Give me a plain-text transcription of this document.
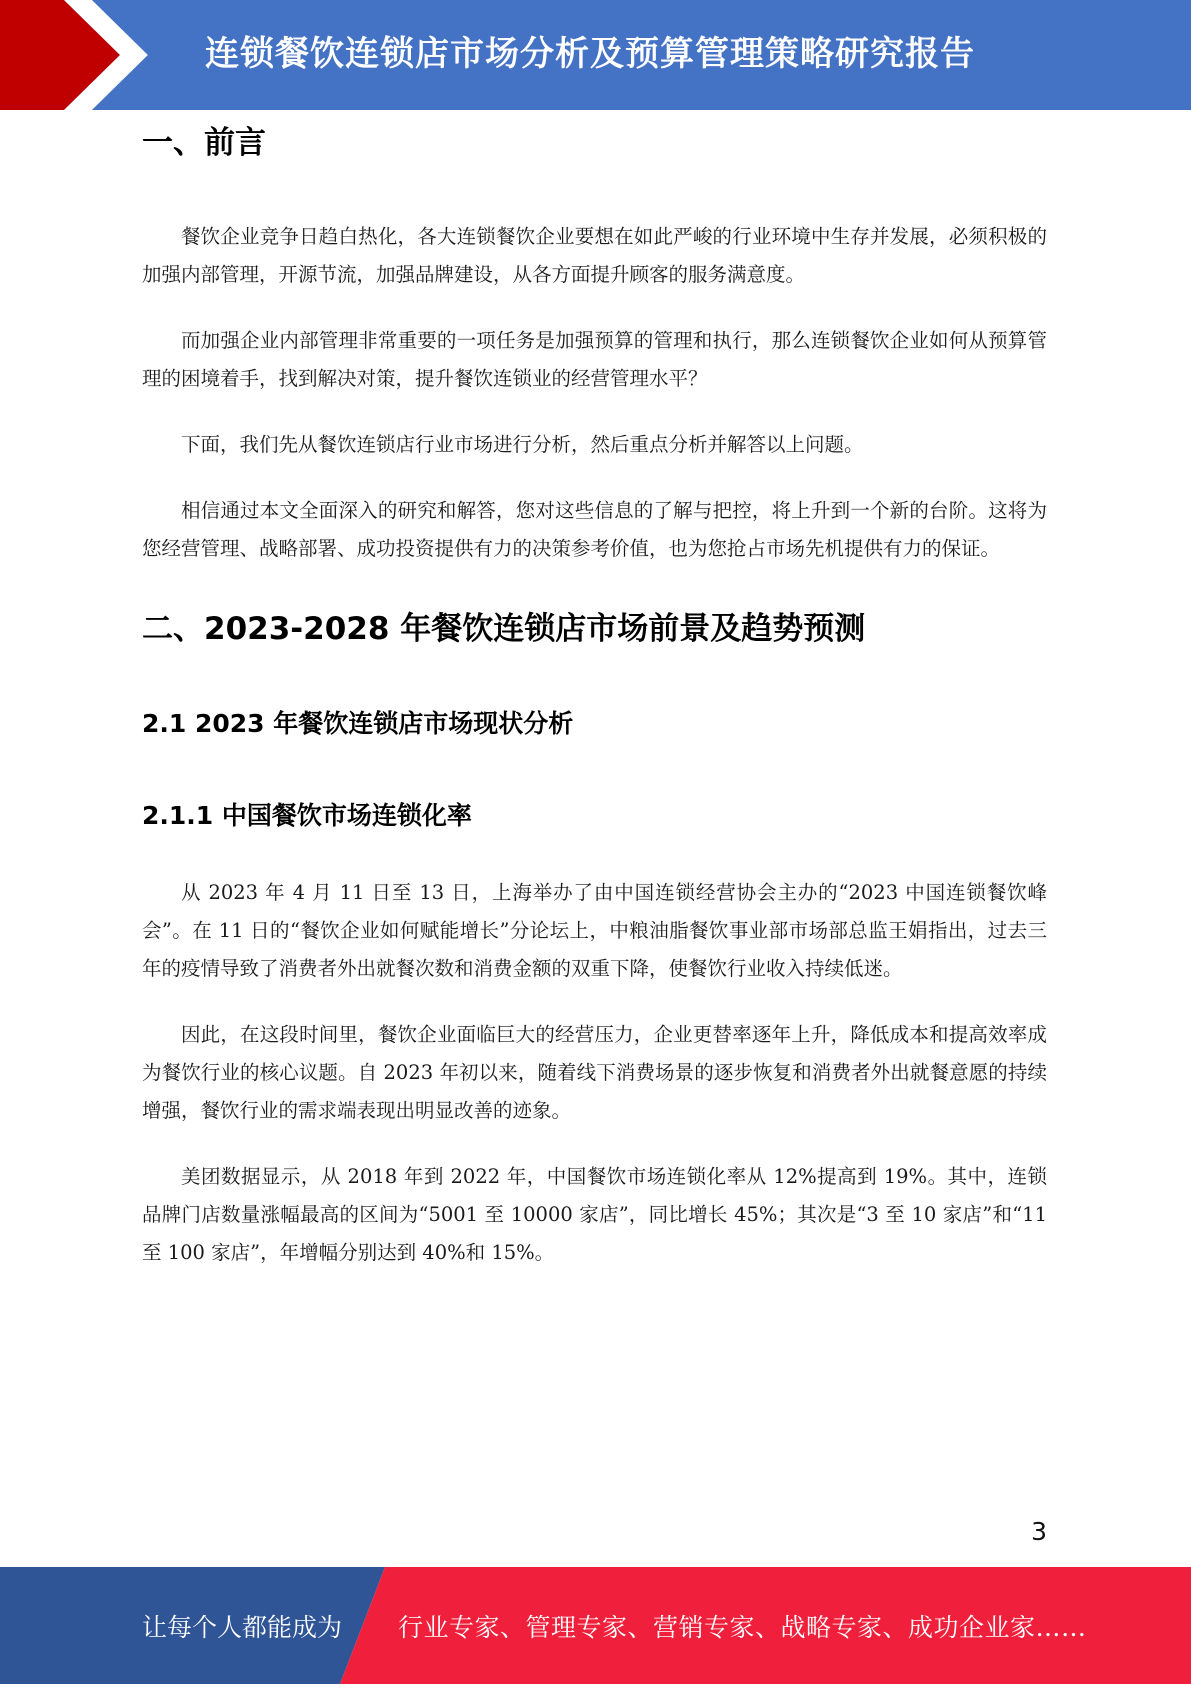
连锁餐饮连锁店市场分析及预算管理策略研究报告
一、前言

餐饮企业竞争日趋白热化，各大连锁餐饮企业要想在如此严峻的行业环境中生存并发展，必须积极的加强内部管理，开源节流，加强品牌建设，从各方面提升顾客的服务满意度。

而加强企业内部管理非常重要的一项任务是加强预算的管理和执行，那么连锁餐饮企业如何从预算管理的困境着手，找到解决对策，提升餐饮连锁业的经营管理水平？

下面，我们先从餐饮连锁店行业市场进行分析，然后重点分析并解答以上问题。

相信通过本文全面深入的研究和解答，您对这些信息的了解与把控，将上升到一个新的台阶。这将为您经营管理、战略部署、成功投资提供有力的决策参考价值，也为您抢占市场先机提供有力的保证。

二、2023-2028 年餐饮连锁店市场前景及趋势预测
2.1 2023 年餐饮连锁店市场现状分析
2.1.1 中国餐饮市场连锁化率

从 2023 年 4 月 11 日至 13 日，上海举办了由中国连锁经营协会主办的“2023 中国连锁餐饮峰会”。在 11 日的“餐饮企业如何赋能增长”分论坛上，中粮油脂餐饮事业部市场部总监王娟指出，过去三年的疫情导致了消费者外出就餐次数和消费金额的双重下降，使餐饮行业收入持续低迷。

因此，在这段时间里，餐饮企业面临巨大的经营压力，企业更替率逐年上升，降低成本和提高效率成为餐饮行业的核心议题。自 2023 年初以来，随着线下消费场景的逐步恢复和消费者外出就餐意愿的持续增强，餐饮行业的需求端表现出明显改善的迹象。

美团数据显示，从 2018 年到 2022 年，中国餐饮市场连锁化率从 12%提高到 19%。其中，连锁品牌门店数量涨幅最高的区间为“5001 至 10000 家店”，同比增长 45%；其次是“3 至 10 家店”和“11 至 100 家店”，年增幅分别达到 40%和 15%。

3
让每个人都能成为 行业专家、管理专家、营销专家、战略专家、成功企业家……
